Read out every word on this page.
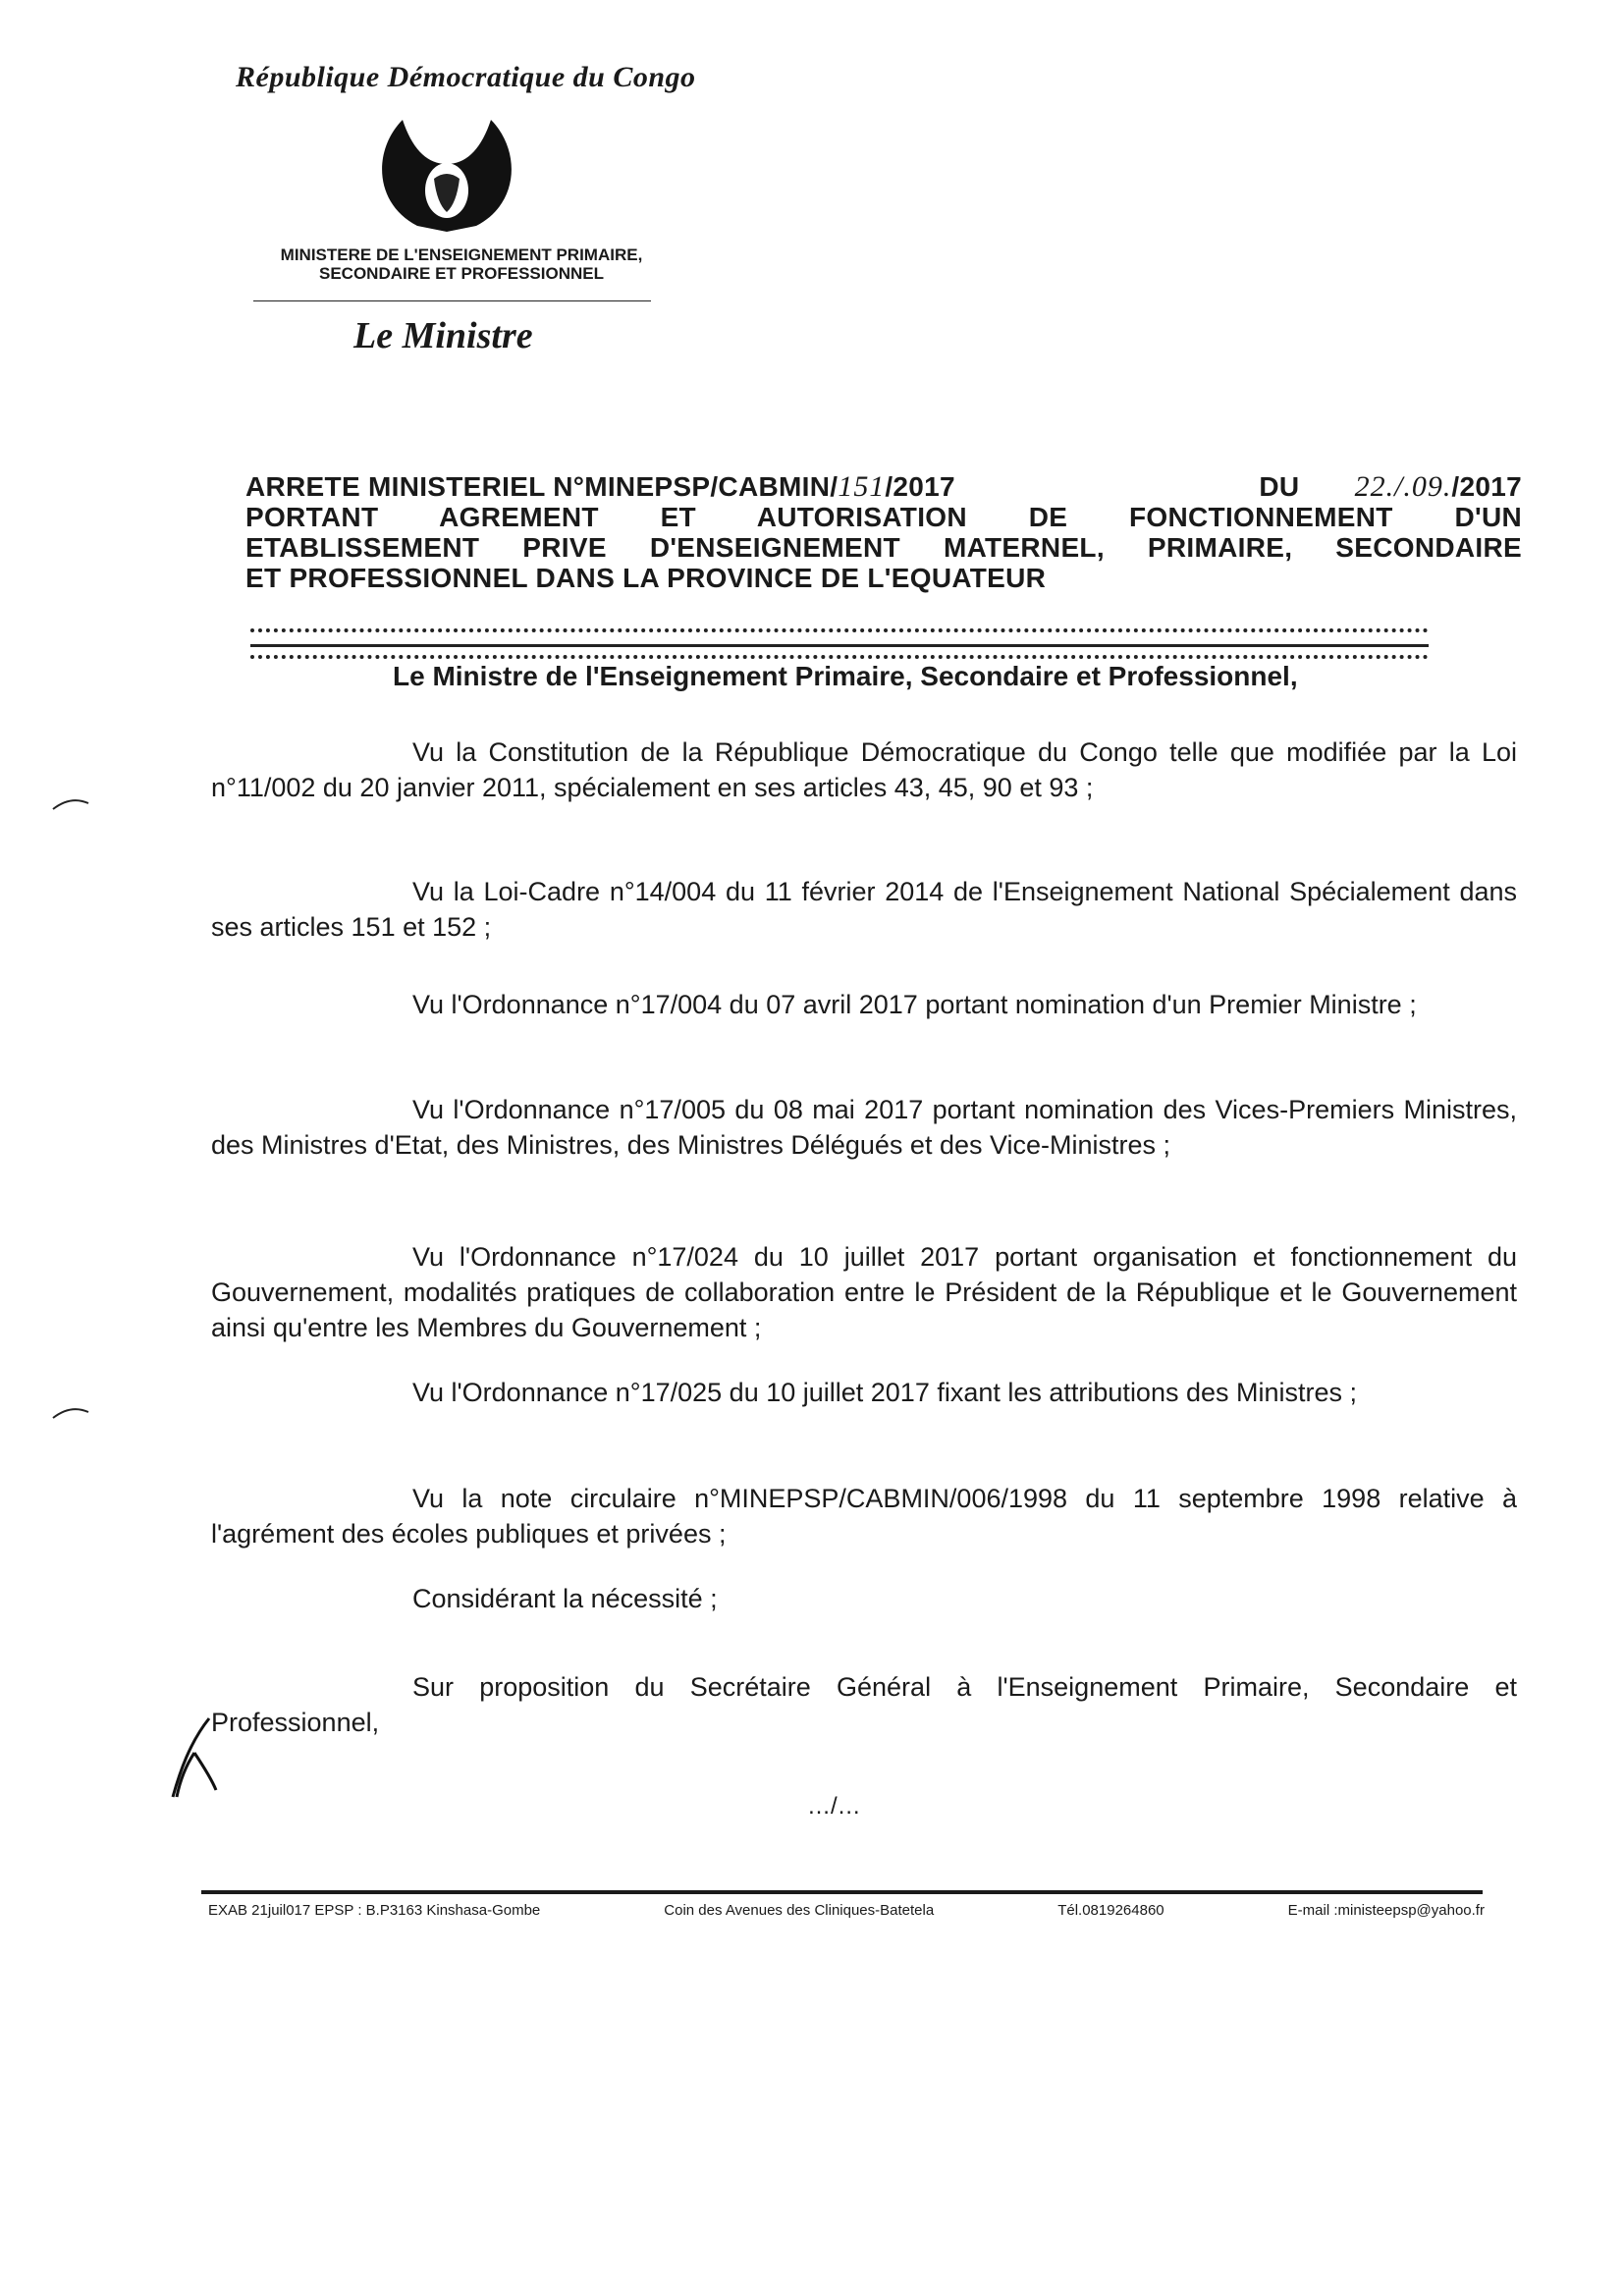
République Démocratique du Congo
MINISTERE DE L'ENSEIGNEMENT PRIMAIRE,
SECONDAIRE ET PROFESSIONNEL
Le Ministre
ARRETE MINISTERIEL N°MINEPSP/CABMIN/151/2017	DU 22./.09./2017
PORTANT AGREMENT ET AUTORISATION DE FONCTIONNEMENT D'UN
ETABLISSEMENT PRIVE D'ENSEIGNEMENT MATERNEL, PRIMAIRE, SECONDAIRE
ET PROFESSIONNEL DANS LA PROVINCE DE L'EQUATEUR
Le Ministre de l'Enseignement Primaire, Secondaire et Professionnel,
Vu la Constitution de la République Démocratique du Congo telle que modifiée par la Loi n°11/002 du 20 janvier 2011, spécialement en ses articles 43, 45, 90 et 93 ;
Vu la Loi-Cadre n°14/004 du 11 février 2014 de l'Enseignement National Spécialement dans ses articles 151 et 152 ;
Vu l'Ordonnance n°17/004 du 07 avril 2017 portant nomination d'un Premier Ministre ;
Vu l'Ordonnance n°17/005 du 08 mai 2017 portant nomination des Vices-Premiers Ministres, des Ministres d'Etat, des Ministres, des Ministres Délégués et des Vice-Ministres ;
Vu l'Ordonnance n°17/024 du 10 juillet 2017 portant organisation et fonctionnement du Gouvernement, modalités pratiques de collaboration entre le Président de la République et le Gouvernement ainsi qu'entre les Membres du Gouvernement ;
Vu l'Ordonnance n°17/025 du 10 juillet 2017 fixant les attributions des Ministres ;
Vu la note circulaire n°MINEPSP/CABMIN/006/1998 du 11 septembre 1998 relative à l'agrément des écoles publiques et privées ;
Considérant la nécessité ;
Sur proposition du Secrétaire Général à l'Enseignement Primaire, Secondaire et Professionnel,
…/…
EXAB 21juil017 EPSP : B.P3163 Kinshasa-Gombe	Coin des Avenues des Cliniques-Batetela	Tél.0819264860	E-mail :ministeepsp@yahoo.fr
